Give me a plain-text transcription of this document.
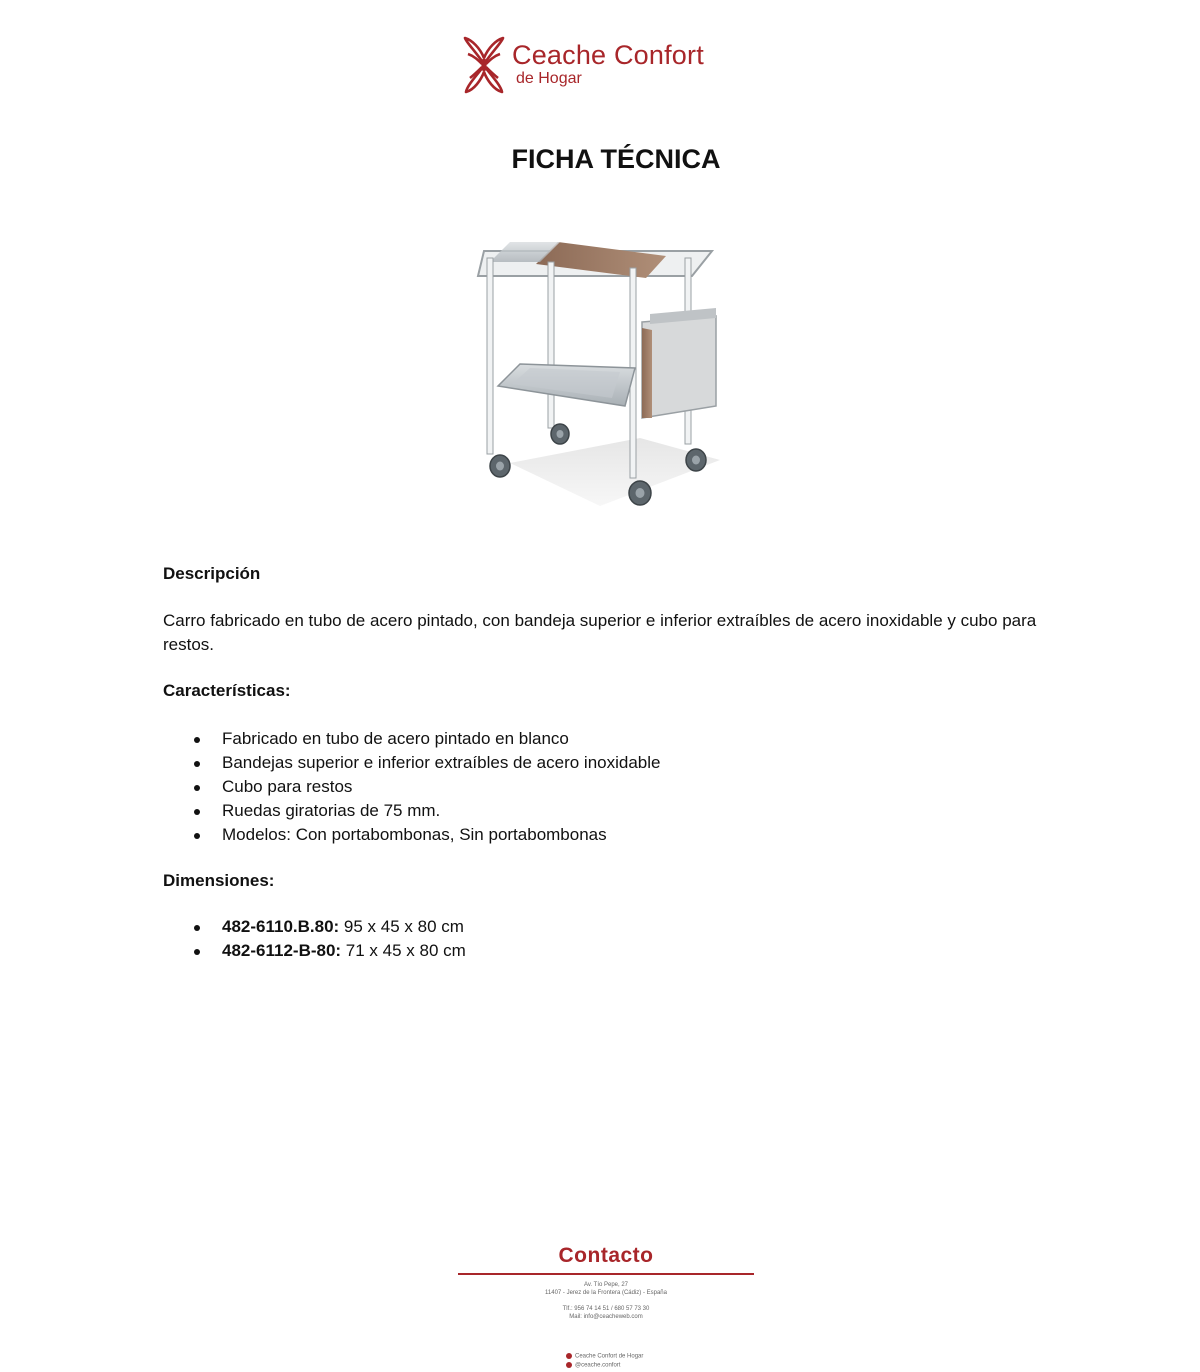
Ceache Confort
de Hogar
FICHA TÉCNICA
Descripción

Carro fabricado en tubo de acero pintado, con bandeja superior e inferior extraíbles de acero inoxidable y cubo para restos.

Características:
Fabricado en tubo de acero pintado en blanco
Bandejas superior e inferior extraíbles de acero inoxidable
Cubo para restos
Ruedas giratorias de 75 mm.
Modelos: Con portabombonas, Sin portabombonas
Dimensiones:
482-6110.B.80: 95 x 45 x 80 cm
482-6112-B-80: 71 x 45 x 80 cm

Contacto

Av. Tío Pepe, 27

11407 - Jerez de la Frontera (Cádiz) - España

Tlf.: 956 74 14 51 / 680 57 73 30

Mail: info@ceacheweb.com

Ceache Confort de Hogar
@ceache.confort
